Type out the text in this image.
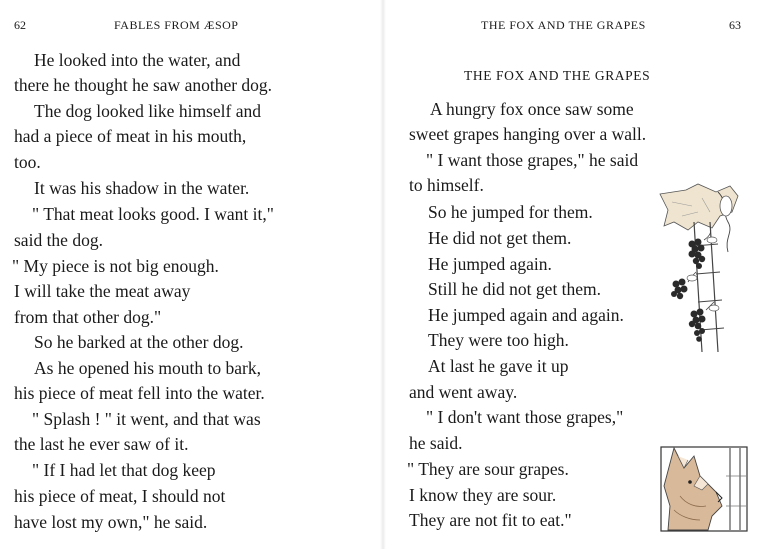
62	FABLES FROM ÆSOP
He looked into the water, and
there he thought he saw another dog.
The dog looked like himself and
had a piece of meat in his mouth,
too.
It was his shadow in the water.
" That meat looks good. I want it,"
said the dog.
" My piece is not big enough.
I will take the meat away
from that other dog."
So he barked at the other dog.
As he opened his mouth to bark,
his piece of meat fell into the water.
" Splash ! " it went, and that was
the last he ever saw of it.
" If I had let that dog keep
his piece of meat, I should not
have lost my own," he said.
THE FOX AND THE GRAPES	63
THE FOX AND THE GRAPES
A hungry fox once saw some
sweet grapes hanging over a wall.
" I want those grapes," he said
to himself.
So he jumped for them.
He did not get them.
He jumped again.
Still he did not get them.
He jumped again and again.
They were too high.
At last he gave it up
and went away.
" I don't want those grapes,"
he said.
" They are sour grapes.
I know they are sour.
They are not fit to eat."
